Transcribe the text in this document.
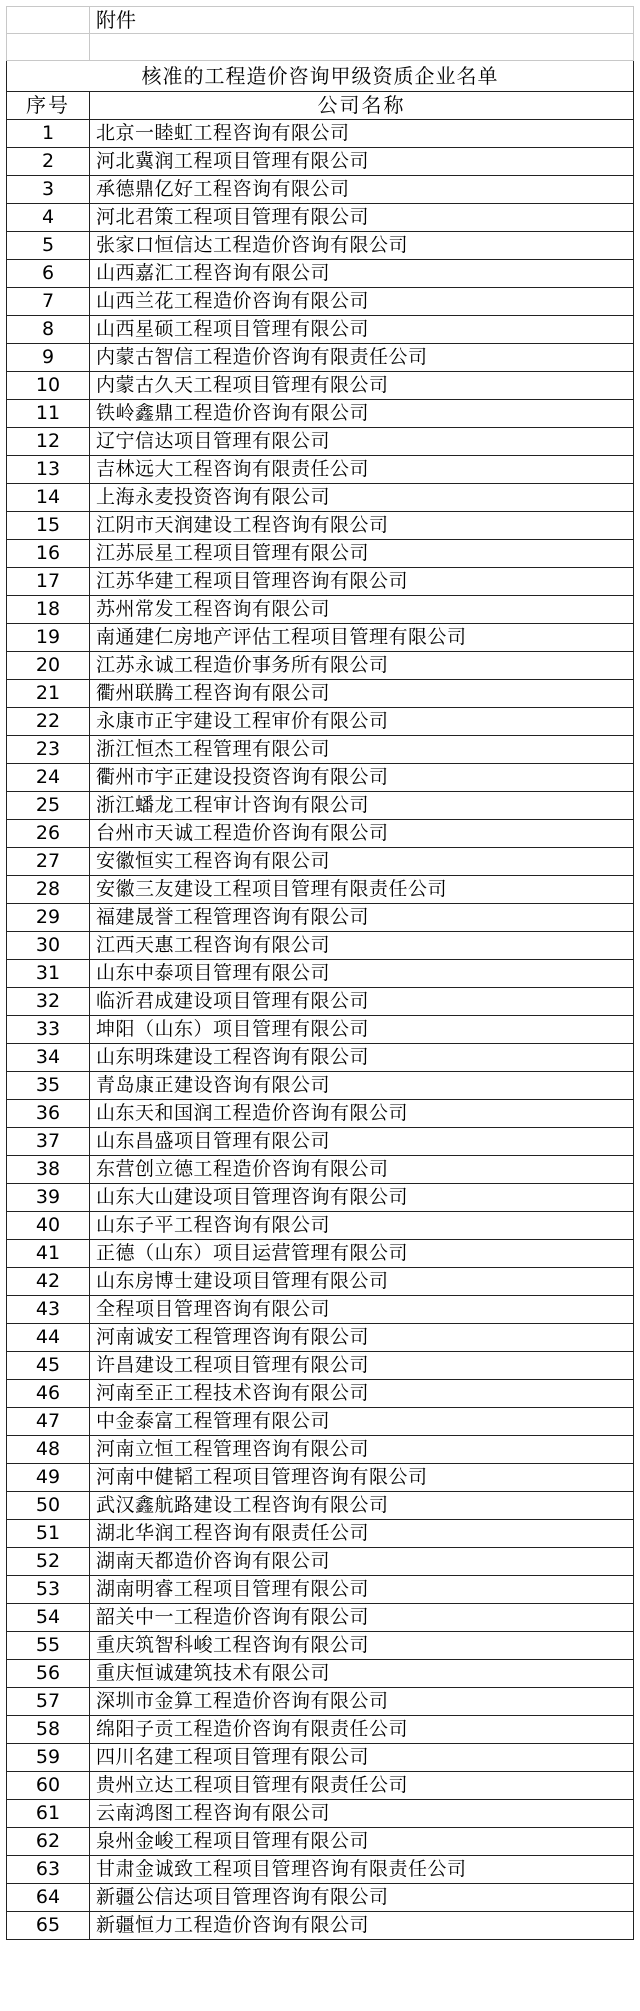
	附件

核准的工程造价咨询甲级资质企业名单	
序号	公司名称
1	北京一睦虹工程咨询有限公司
2	河北冀润工程项目管理有限公司
3	承德鼎亿好工程咨询有限公司
4	河北君策工程项目管理有限公司
5	张家口恒信达工程造价咨询有限公司
6	山西嘉汇工程咨询有限公司
7	山西兰花工程造价咨询有限公司
8	山西星硕工程项目管理有限公司
9	内蒙古智信工程造价咨询有限责任公司
10	内蒙古久天工程项目管理有限公司
11	铁岭鑫鼎工程造价咨询有限公司
12	辽宁信达项目管理有限公司
13	吉林远大工程咨询有限责任公司
14	上海永麦投资咨询有限公司
15	江阴市天润建设工程咨询有限公司
16	江苏辰星工程项目管理有限公司
17	江苏华建工程项目管理咨询有限公司
18	苏州常发工程咨询有限公司
19	南通建仁房地产评估工程项目管理有限公司
20	江苏永诚工程造价事务所有限公司
21	衢州联腾工程咨询有限公司
22	永康市正宇建设工程审价有限公司
23	浙江恒杰工程管理有限公司
24	衢州市宇正建设投资咨询有限公司
25	浙江蟠龙工程审计咨询有限公司
26	台州市天诚工程造价咨询有限公司
27	安徽恒实工程咨询有限公司
28	安徽三友建设工程项目管理有限责任公司
29	福建晟誉工程管理咨询有限公司
30	江西天惠工程咨询有限公司
31	山东中泰项目管理有限公司
32	临沂君成建设项目管理有限公司
33	坤阳（山东）项目管理有限公司
34	山东明珠建设工程咨询有限公司
35	青岛康正建设咨询有限公司
36	山东天和国润工程造价咨询有限公司
37	山东昌盛项目管理有限公司
38	东营创立德工程造价咨询有限公司
39	山东大山建设项目管理咨询有限公司
40	山东子平工程咨询有限公司
41	正德（山东）项目运营管理有限公司
42	山东房博士建设项目管理有限公司
43	全程项目管理咨询有限公司
44	河南诚安工程管理咨询有限公司
45	许昌建设工程项目管理有限公司
46	河南至正工程技术咨询有限公司
47	中金泰富工程管理有限公司
48	河南立恒工程管理咨询有限公司
49	河南中健韬工程项目管理咨询有限公司
50	武汉鑫航路建设工程咨询有限公司
51	湖北华润工程咨询有限责任公司
52	湖南天都造价咨询有限公司
53	湖南明睿工程项目管理有限公司
54	韶关中一工程造价咨询有限公司
55	重庆筑智科峻工程咨询有限公司
56	重庆恒诚建筑技术有限公司
57	深圳市金算工程造价咨询有限公司
58	绵阳子贡工程造价咨询有限责任公司
59	四川名建工程项目管理有限公司
60	贵州立达工程项目管理有限责任公司
61	云南鸿图工程咨询有限公司
62	泉州金峻工程项目管理有限公司
63	甘肃金诚致工程项目管理咨询有限责任公司
64	新疆公信达项目管理咨询有限公司
65	新疆恒力工程造价咨询有限公司
